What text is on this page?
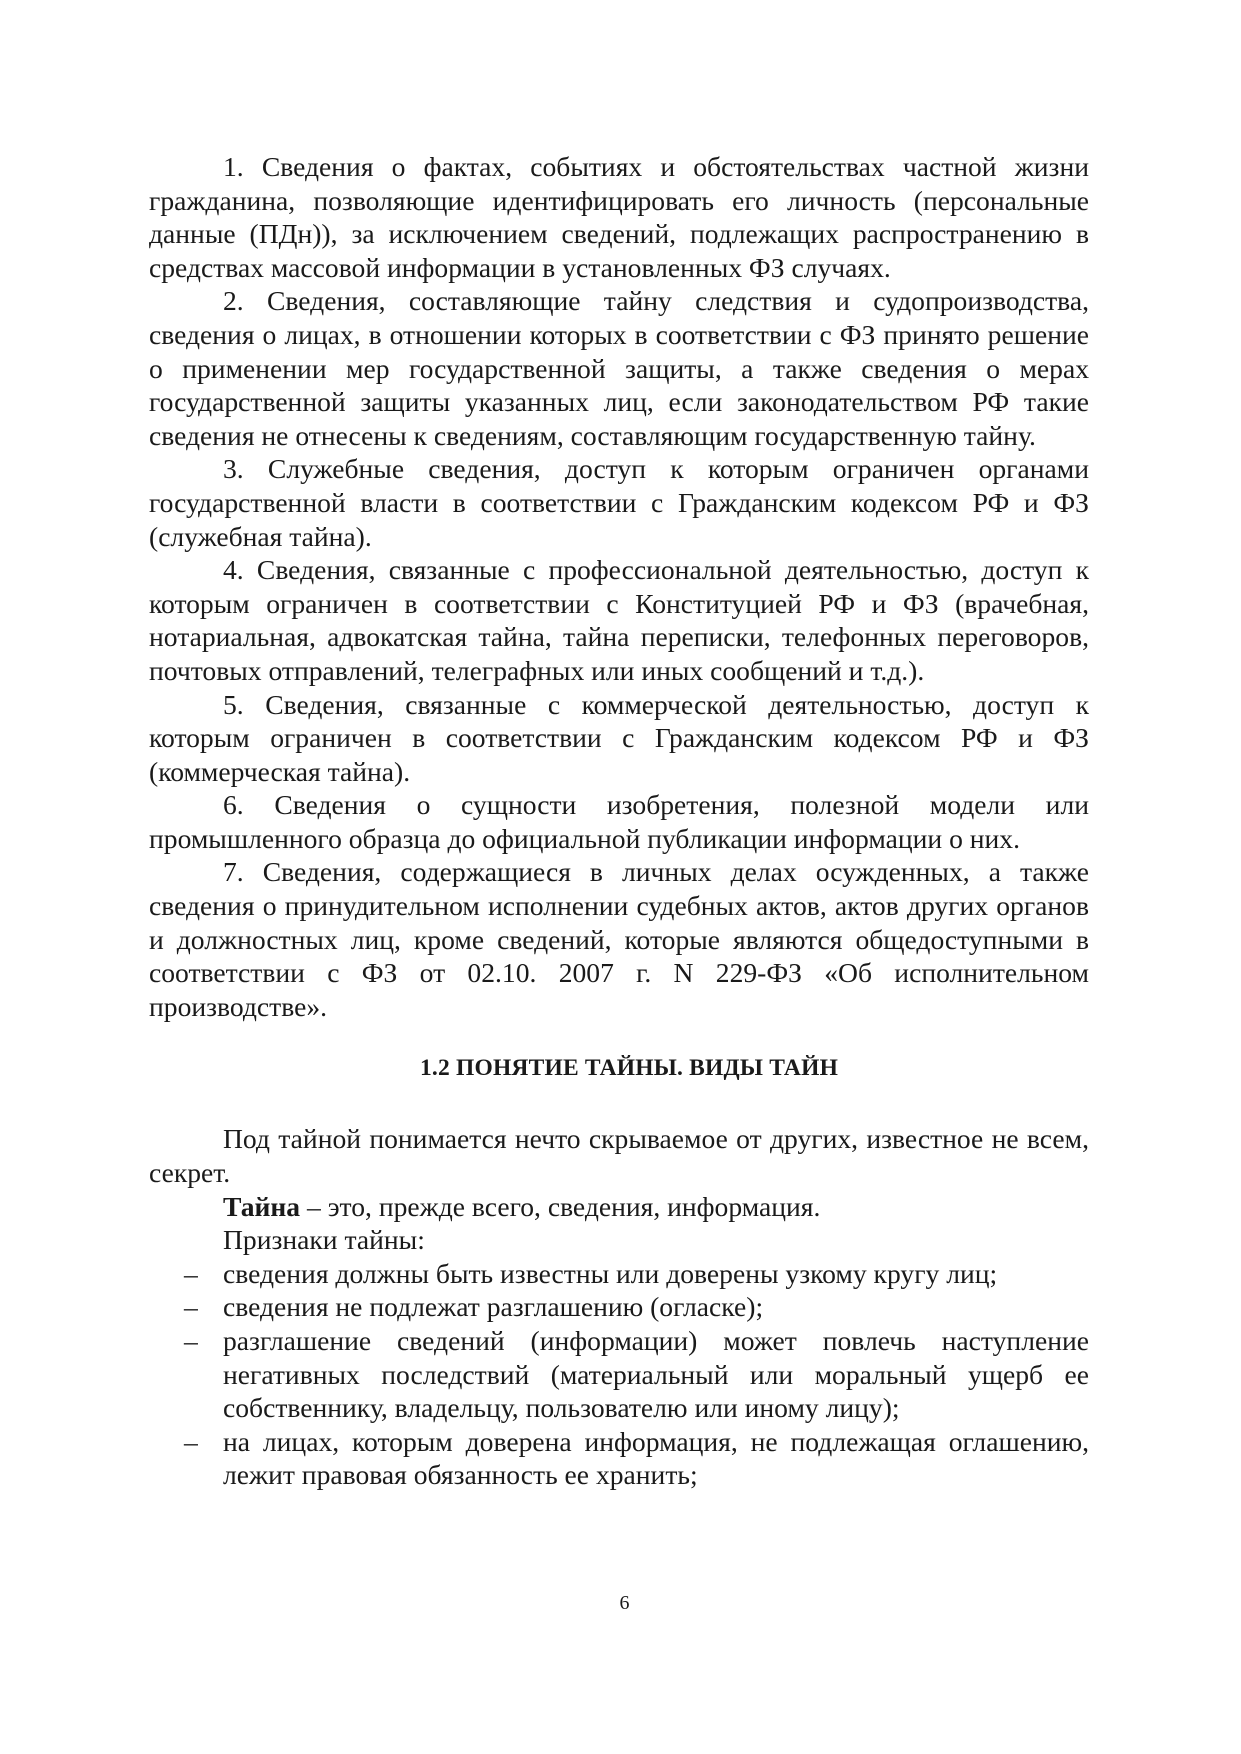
1. Сведения о фактах, событиях и обстоятельствах частной жизни гражданина, позволяющие идентифицировать его личность (персональные данные (ПДн)), за исключением сведений, подлежащих распространению в средствах массовой информации в установленных ФЗ случаях.

2. Сведения, составляющие тайну следствия и судопроизводства, сведения о лицах, в отношении которых в соответствии с ФЗ принято решение о применении мер государственной защиты, а также сведения о мерах государственной защиты указанных лиц, если законодательством РФ такие сведения не отнесены к сведениям, составляющим государственную тайну.

3. Служебные сведения, доступ к которым ограничен органами государственной власти в соответствии с Гражданским кодексом РФ и ФЗ (служебная тайна).

4. Сведения, связанные с профессиональной деятельностью, доступ к которым ограничен в соответствии с Конституцией РФ и ФЗ (врачебная, нотариальная, адвокатская тайна, тайна переписки, телефонных переговоров, почтовых отправлений, телеграфных или иных сообщений и т.д.).

5. Сведения, связанные с коммерческой деятельностью, доступ к которым ограничен в соответствии с Гражданским кодексом РФ и ФЗ (коммерческая тайна).

6. Сведения о сущности изобретения, полезной модели или промышленного образца до официальной публикации информации о них.

7. Сведения, содержащиеся в личных делах осужденных, а также сведения о принудительном исполнении судебных актов, актов других органов и должностных лиц, кроме сведений, которые являются общедоступными в соответствии с ФЗ от 02.10. 2007 г. N 229-ФЗ «Об исполнительном производстве».

1.2 ПОНЯТИЕ ТАЙНЫ. ВИДЫ ТАЙН

Под тайной понимается нечто скрываемое от других, известное не всем, секрет.

Тайна – это, прежде всего, сведения, информация.

Признаки тайны:

– сведения должны быть известны или доверены узкому кругу лиц;
– сведения не подлежат разглашению (огласке);
– разглашение сведений (информации) может повлечь наступление негативных последствий (материальный или моральный ущерб ее собственнику, владельцу, пользователю или иному лицу);
– на лицах, которым доверена информация, не подлежащая оглашению, лежит правовая обязанность ее хранить;
6
